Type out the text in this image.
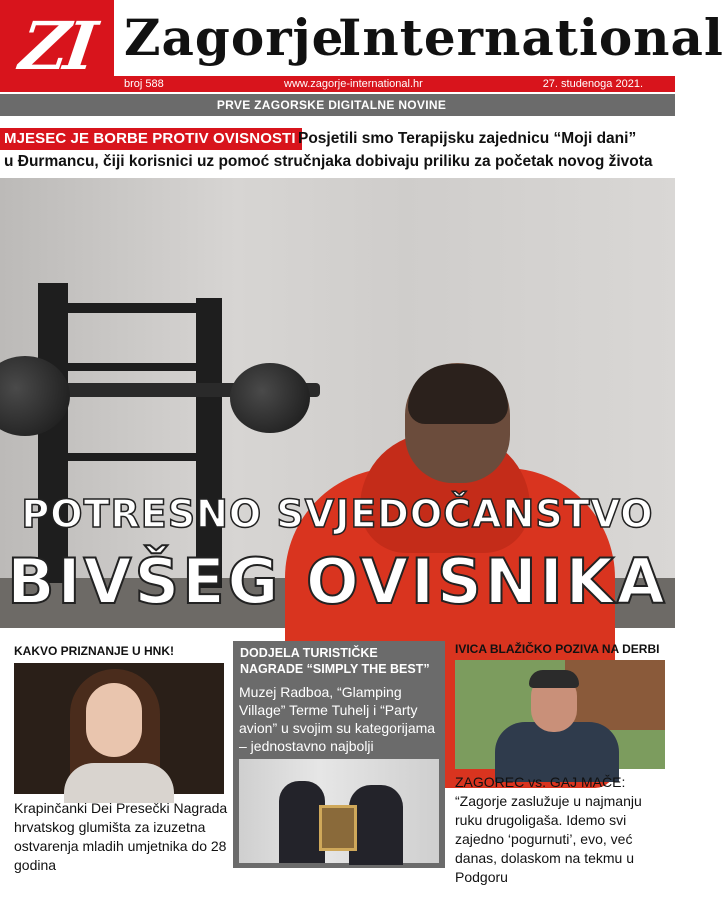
ZI Zagorje
International
broj 588	www.zagorje-international.hr	27. studenoga 2021.
PRVE ZAGORSKE DIGITALNE NOVINE
MJESEC JE BORBE PROTIV OVISNOSTI Posjetili smo Terapijsku zajednicu “Moji dani”
u Đurmancu, čiji korisnici uz pomoć stručnjaka dobivaju priliku za početak novog života
POTRESNO SVJEDOČANSTVO
BIVŠEG OVISNIKA
KAKVO PRIZNANJE U HNK!
Krapinčanki Dei Presečki Nagrada hrvatskog glumišta za izuzetna ostvarenja mladih umjetnika do 28 godina
DODJELA TURISTIČKE
NAGRADE “SIMPLY THE BEST”
Muzej Radboa, “Glamping Village” Terme Tuhelj i “Party avion” u svojim su kategorijama – jednostavno najbolji
IVICA BLAŽIČKO POZIVA NA DERBI
ZAGOREC vs. GAJ MAČE: “Zagorje zaslužuje u najmanju ruku drugoligaša. Idemo svi zajedno ‘pogurnuti’, evo, već danas, dolaskom na tekmu u Podgoru
